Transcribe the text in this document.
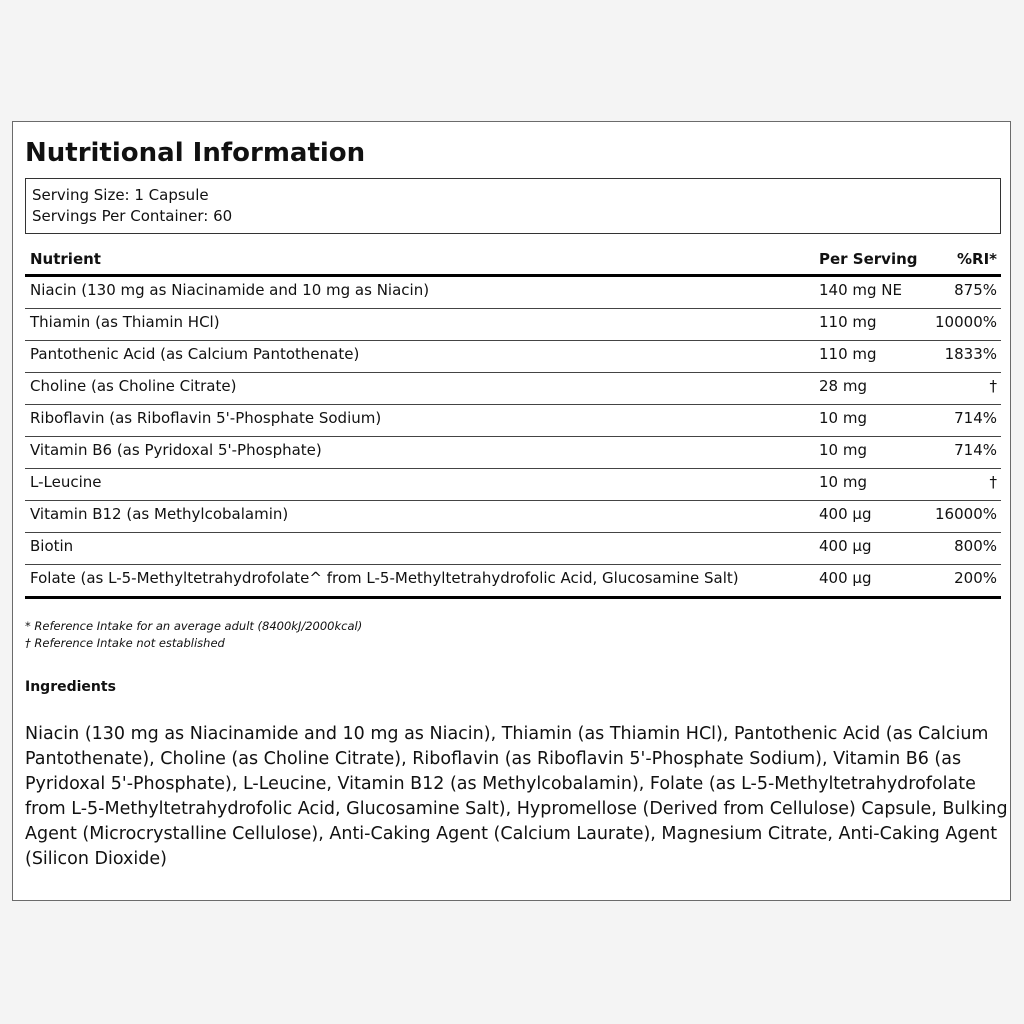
Nutritional Information
Serving Size: 1 Capsule
Servings Per Container: 60
Nutrient	Per Serving	%RI*
Niacin (130 mg as Niacinamide and 10 mg as Niacin)	140 mg NE	875%
Thiamin (as Thiamin HCl)	110 mg	10000%
Pantothenic Acid (as Calcium Pantothenate)	110 mg	1833%
Choline (as Choline Citrate)	28 mg	†
Riboflavin (as Riboflavin 5'-Phosphate Sodium)	10 mg	714%
Vitamin B6 (as Pyridoxal 5'-Phosphate)	10 mg	714%
L-Leucine	10 mg	†
Vitamin B12 (as Methylcobalamin)	400 µg	16000%
Biotin	400 µg	800%
Folate (as L-5-Methyltetrahydrofolate^ from L-5-Methyltetrahydrofolic Acid, Glucosamine Salt)	400 µg	200%
* Reference Intake for an average adult (8400kJ/2000kcal)
† Reference Intake not established
Ingredients

Niacin (130 mg as Niacinamide and 10 mg as Niacin), Thiamin (as Thiamin HCl), Pantothenic Acid (as Calcium Pantothenate), Choline (as Choline Citrate), Riboflavin (as Riboflavin 5'-Phosphate Sodium), Vitamin B6 (as Pyridoxal 5'-Phosphate), L-Leucine, Vitamin B12 (as Methylcobalamin), Folate (as L-5-Methyltetrahydrofolate from L-5-Methyltetrahydrofolic Acid, Glucosamine Salt), Hypromellose (Derived from Cellulose) Capsule, Bulking Agent (Microcrystalline Cellulose), Anti-Caking Agent (Calcium Laurate), Magnesium Citrate, Anti-Caking Agent (Silicon Dioxide)
